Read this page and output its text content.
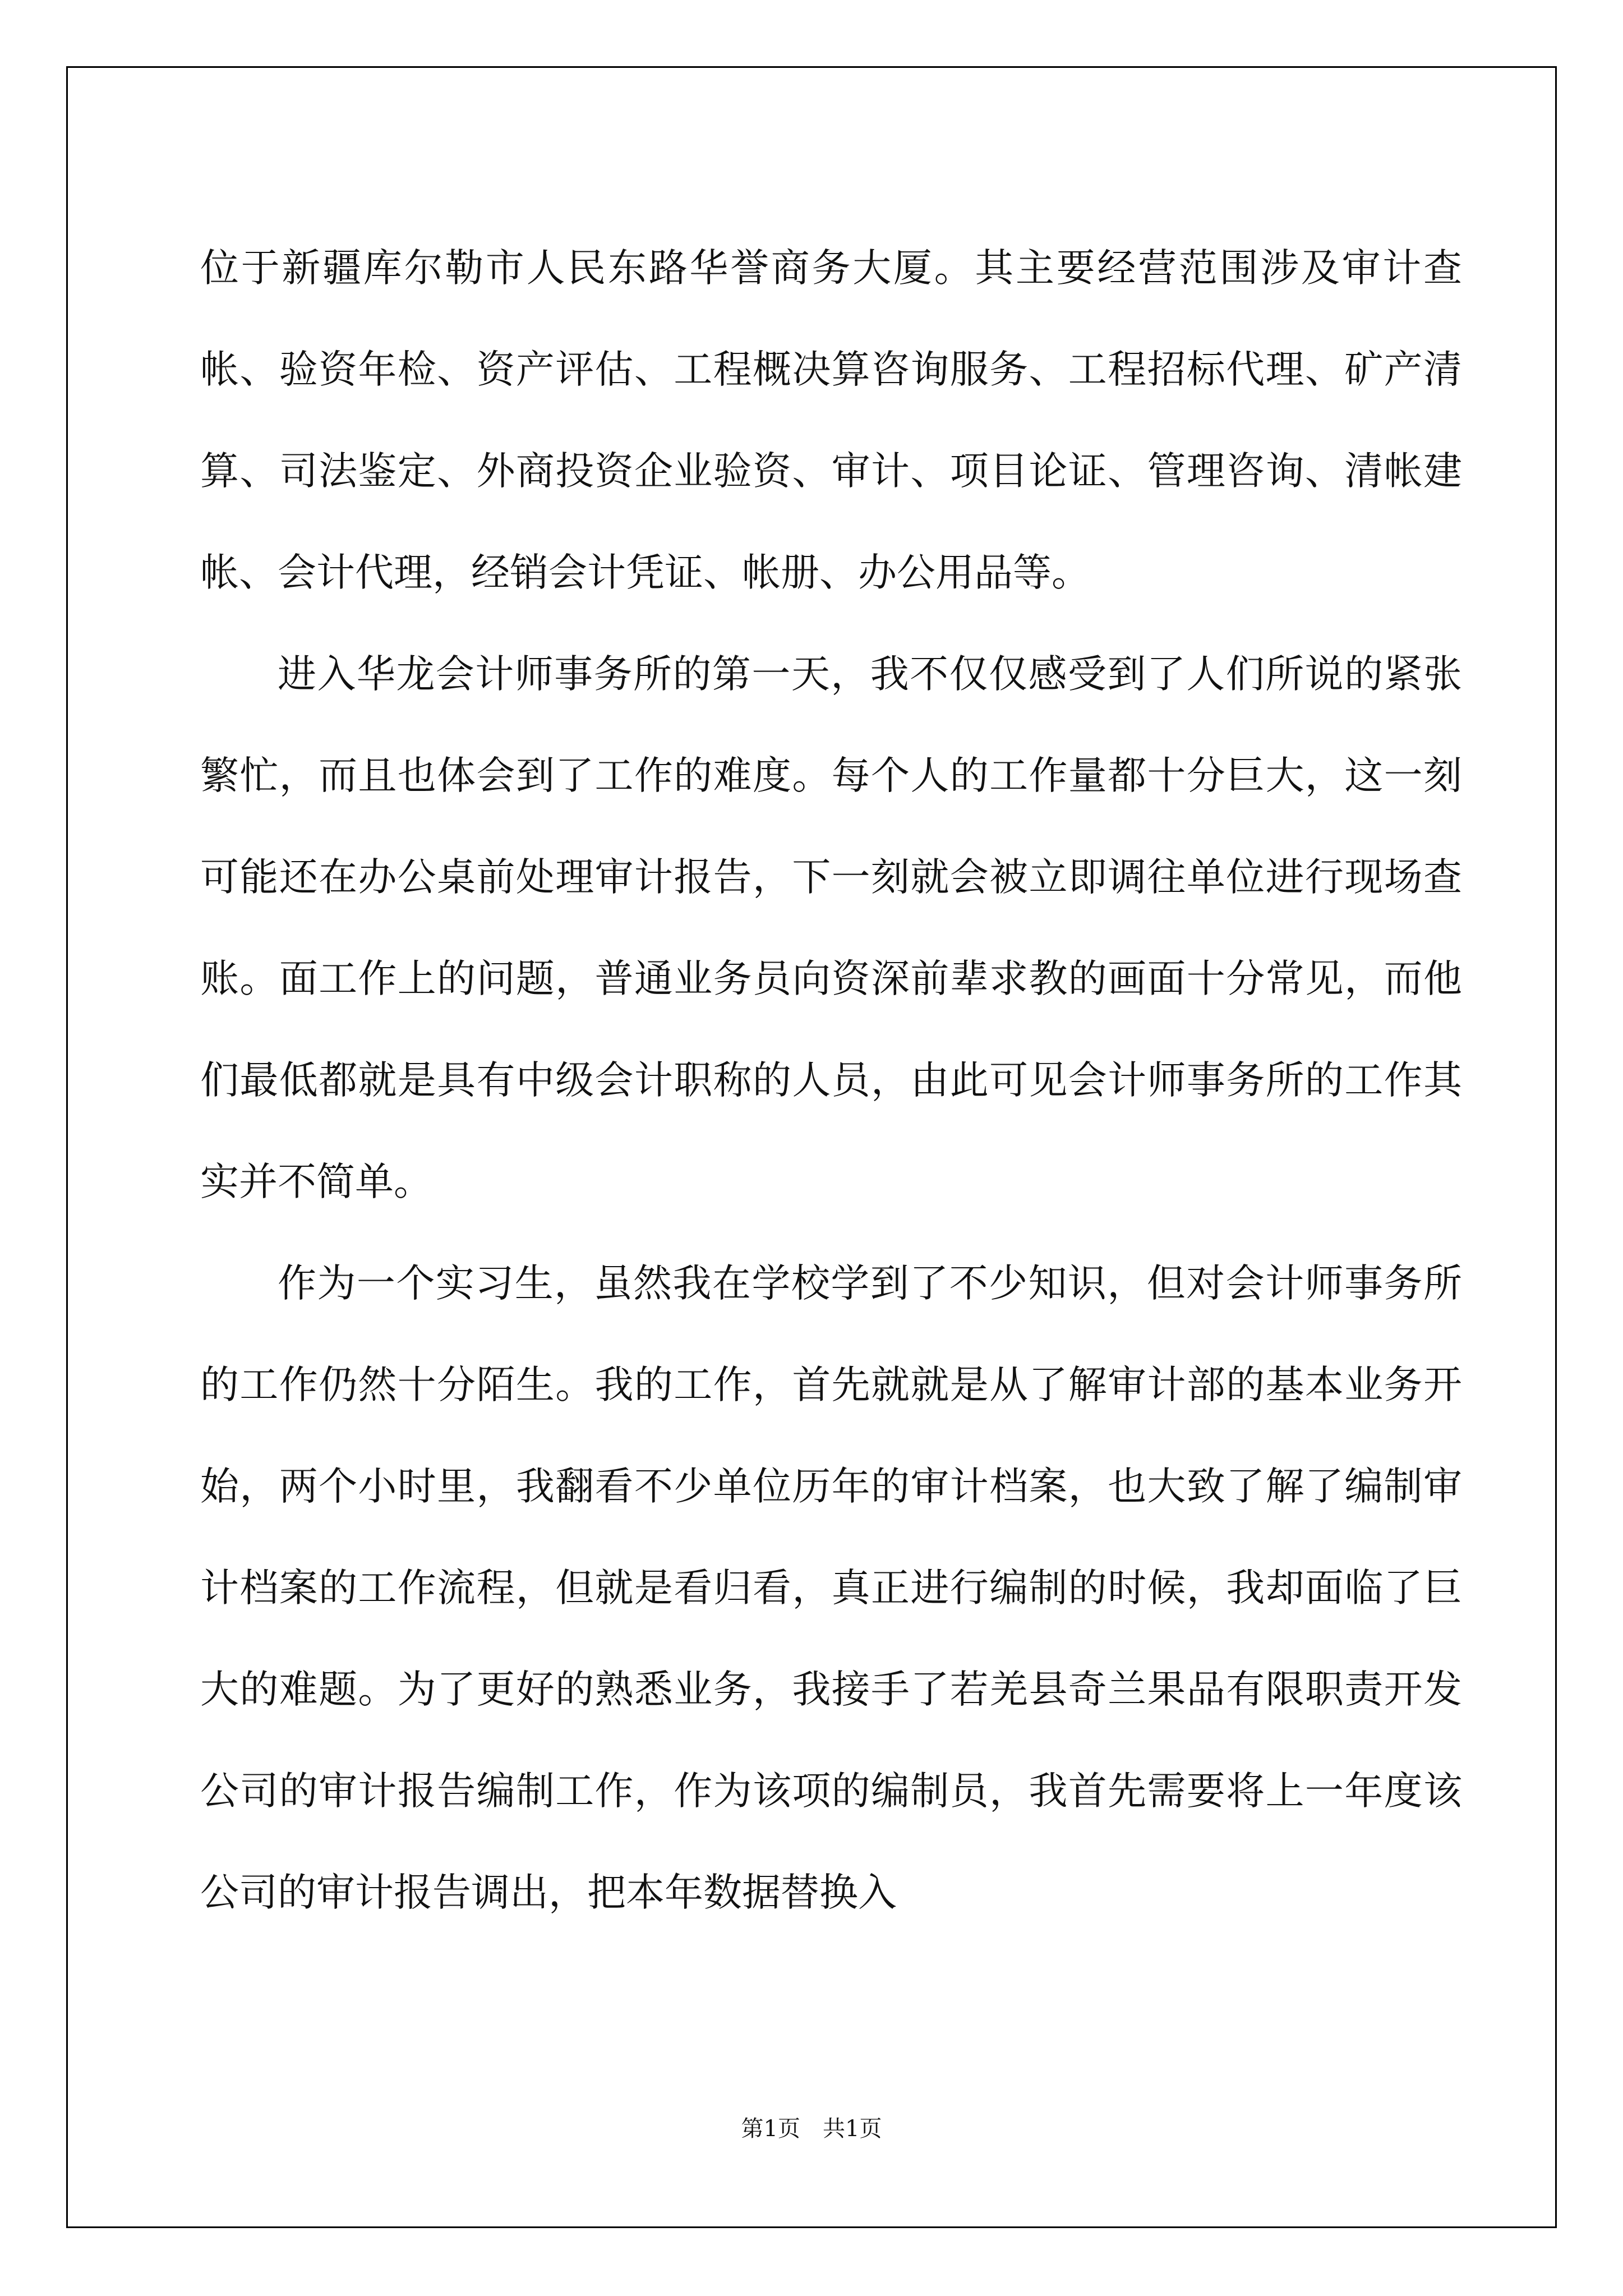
位于新疆库尔勒市人民东路华誉商务大厦。其主要经营范围涉及审计查帐、验资年检、资产评估、工程概决算咨询服务、工程招标代理、矿产清算、司法鉴定、外商投资企业验资、审计、项目论证、管理咨询、清帐建帐、会计代理，经销会计凭证、帐册、办公用品等。

进入华龙会计师事务所的第一天，我不仅仅感受到了人们所说的紧张繁忙，而且也体会到了工作的难度。每个人的工作量都十分巨大，这一刻可能还在办公桌前处理审计报告，下一刻就会被立即调往单位进行现场查账。面工作上的问题，普通业务员向资深前辈求教的画面十分常见，而他们最低都就是具有中级会计职称的人员，由此可见会计师事务所的工作其实并不简单。

作为一个实习生，虽然我在学校学到了不少知识，但对会计师事务所的工作仍然十分陌生。我的工作，首先就就是从了解审计部的基本业务开始，两个小时里，我翻看不少单位历年的审计档案，也大致了解了编制审计档案的工作流程，但就是看归看，真正进行编制的时候，我却面临了巨大的难题。为了更好的熟悉业务，我接手了若羌县奇兰果品有限职责开发公司的审计报告编制工作，作为该项的编制员，我首先需要将上一年度该公司的审计报告调出，把本年数据替换入

第1页 共1页
